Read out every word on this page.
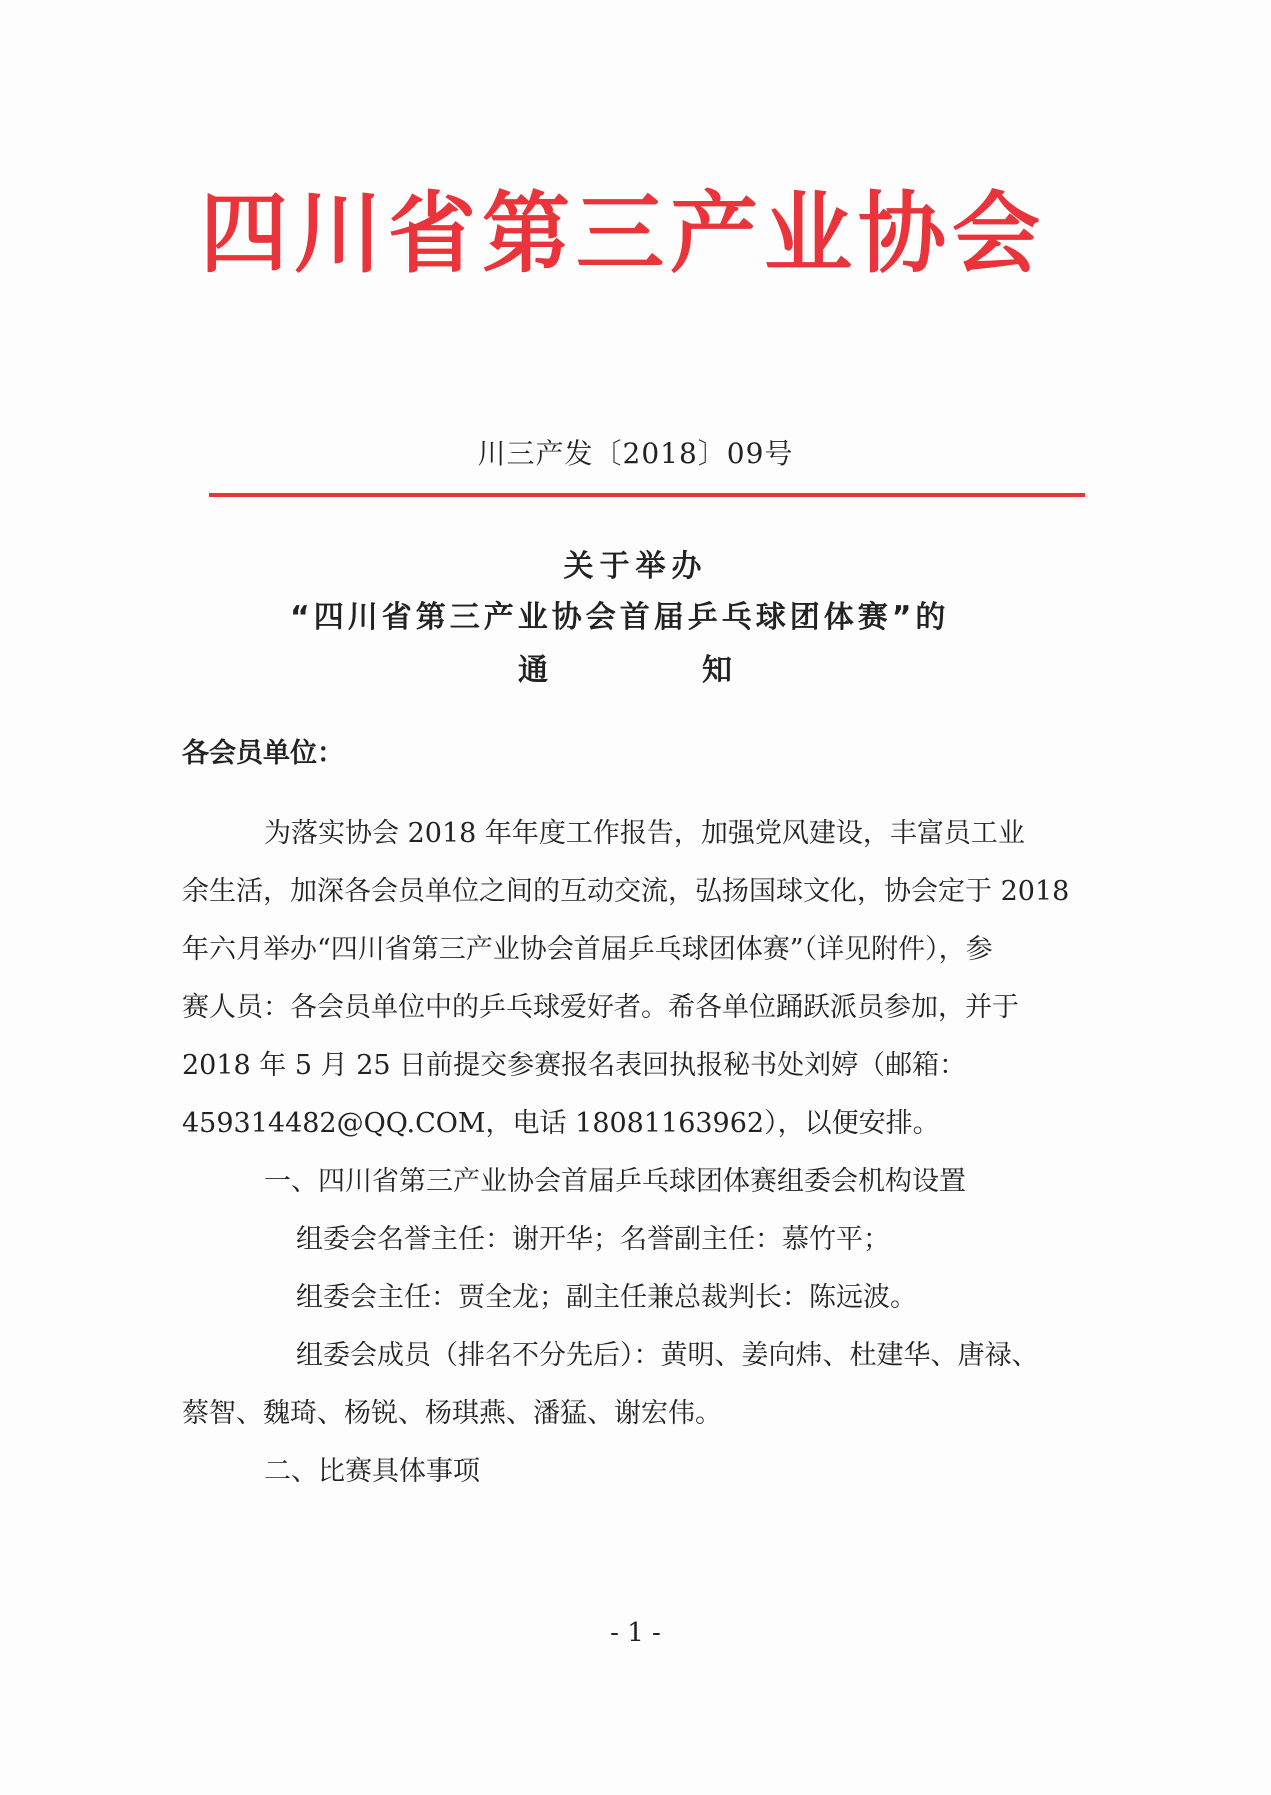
四川省第三产业协会
川三产发〔2018〕09号
关于举办
“四川省第三产业协会首届乒乓球团体赛”的
通	知
各会员单位：
为落实协会 2018 年年度工作报告，加强党风建设，丰富员工业
余生活，加深各会员单位之间的互动交流，弘扬国球文化，协会定于 2018
年六月举办“四川省第三产业协会首届乒乓球团体赛”（详见附件），参
赛人员：各会员单位中的乒乓球爱好者。希各单位踊跃派员参加，并于
2018 年 5 月 25 日前提交参赛报名表回执报秘书处刘婷（邮箱：
459314482@QQ.COM，电话 18081163962），以便安排。
一、四川省第三产业协会首届乒乓球团体赛组委会机构设置
组委会名誉主任：谢开华；名誉副主任：慕竹平；
组委会主任：贾全龙；副主任兼总裁判长：陈远波。
组委会成员（排名不分先后）：黄明、姜向炜、杜建华、唐禄、
蔡智、魏琦、杨锐、杨琪燕、潘猛、谢宏伟。
二、比赛具体事项
- 1 -
